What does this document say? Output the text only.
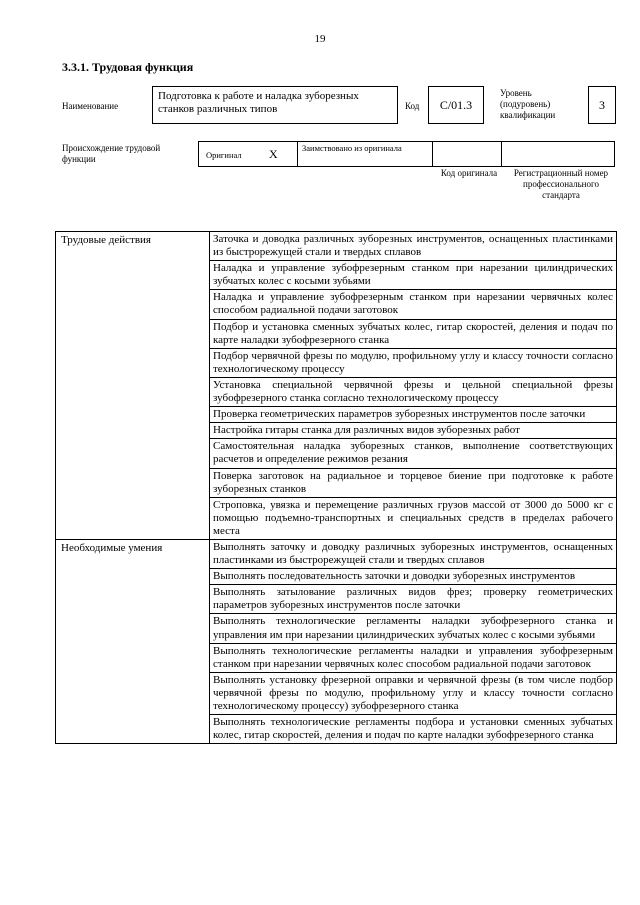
19
3.3.1. Трудовая функция
Наименование
Подготовка к работе и наладка зуборезных станков различных типов	Код	С/01.3
Уровень (подуровень) квалификации
3
Происхождение трудовой функции	Оригинал X	Заимствовано из оригинала
Код оригинала	Регистрационный номер профессионального стандарта
Трудовые действия	Заточка и доводка различных зуборезных инструментов, оснащенных пластинками из быстрорежущей стали и твердых сплавов
	Наладка и управление зубофрезерным станком при нарезании цилиндрических зубчатых колес с косыми зубьями
	Наладка и управление зубофрезерным станком при нарезании червячных колес способом радиальной подачи заготовок
	Подбор и установка сменных зубчатых колес, гитар скоростей, деления и подач по карте наладки зубофрезерного станка
	Подбор червячной фрезы по модулю, профильному углу и классу точности согласно технологическому процессу
	Установка специальной червячной фрезы и цельной специальной фрезы зубофрезерного станка согласно технологическому процессу
	Проверка геометрических параметров зуборезных инструментов после заточки
	Настройка гитары станка для различных видов зуборезных работ
	Самостоятельная наладка зуборезных станков, выполнение соответствующих расчетов и определение режимов резания
	Поверка заготовок на радиальное и торцевое биение при подготовке к работе зуборезных станков
	Строповка, увязка и перемещение различных грузов массой от 3000 до 5000 кг с помощью подъемно-транспортных и специальных средств в пределах рабочего места
Необходимые умения	Выполнять заточку и доводку различных зуборезных инструментов, оснащенных пластинками из быстрорежущей стали и твердых сплавов
	Выполнять последовательность заточки и доводки зуборезных инструментов
	Выполнять затылование различных видов фрез; проверку геометрических параметров зуборезных инструментов после заточки
	Выполнять технологические регламенты наладки зубофрезерного станка и управления им при нарезании цилиндрических зубчатых колес с косыми зубьями
	Выполнять технологические регламенты наладки и управления зубофрезерным станком при нарезании червячных колес способом радиальной подачи заготовок
	Выполнять установку фрезерной оправки и червячной фрезы (в том числе подбор червячной фрезы по модулю, профильному углу и классу точности согласно технологическому процессу) зубофрезерного станка
	Выполнять технологические регламенты подбора и установки сменных зубчатых колес, гитар скоростей, деления и подач по карте наладки зубофрезерного станка
